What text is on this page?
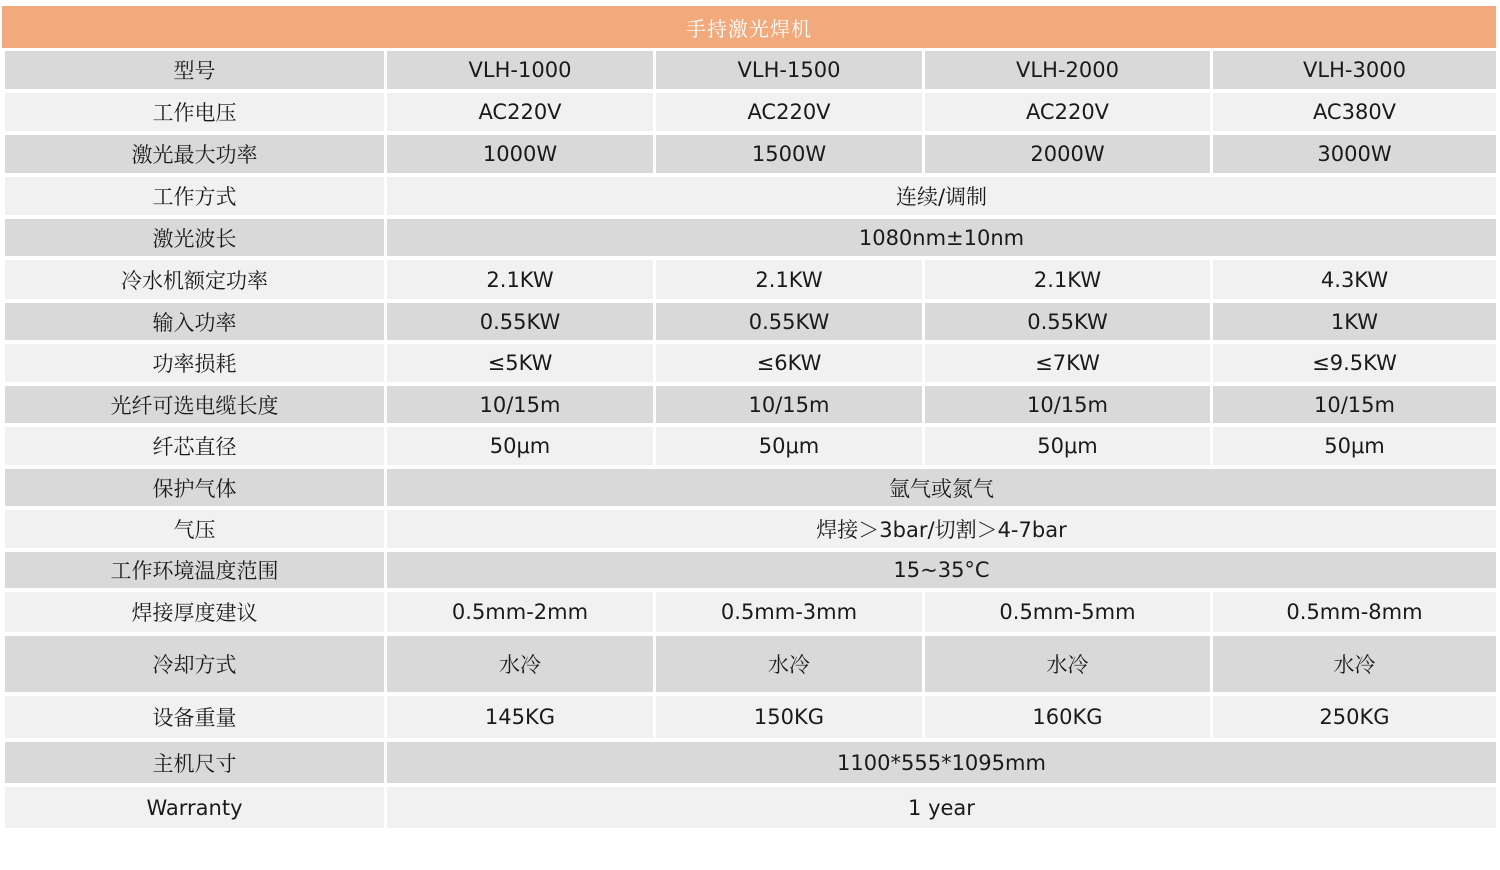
手持激光焊机
型号	VLH-1000	VLH-1500	VLH-2000	VLH-3000
工作电压	AC220V	AC220V	AC220V	AC380V
激光最大功率	1000W	1500W	2000W	3000W
工作方式	连续/调制			
激光波长	1080nm±10nm			
冷水机额定功率	2.1KW	2.1KW	2.1KW	4.3KW
输入功率	0.55KW	0.55KW	0.55KW	1KW
功率损耗	≤5KW	≤6KW	≤7KW	≤9.5KW
光纤可选电缆长度	10/15m	10/15m	10/15m	10/15m
纤芯直径	50μm	50μm	50μm	50μm
保护气体	氩气或氮气			
气压	焊接＞3bar/切割＞4-7bar			
工作环境温度范围	15~35°C			
焊接厚度建议	0.5mm-2mm	0.5mm-3mm	0.5mm-5mm	0.5mm-8mm
冷却方式	水冷	水冷	水冷	水冷
设备重量	145KG	150KG	160KG	250KG
主机尺寸	1100*555*1095mm			
Warranty	1 year			
